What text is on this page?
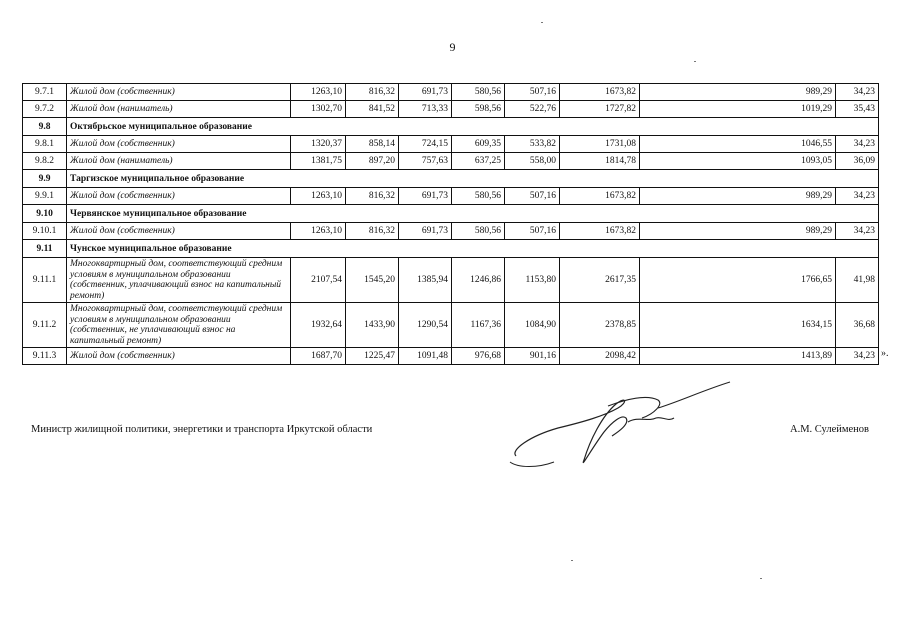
9
9.7.1	Жилой дом (собственник)	1263,10	816,32	691,73	580,56	507,16	1673,82	989,29	34,23
9.7.2	Жилой дом (наниматель)	1302,70	841,52	713,33	598,56	522,76	1727,82	1019,29	35,43
9.8	Октябрьское муниципальное образование								
9.8.1	Жилой дом (собственник)	1320,37	858,14	724,15	609,35	533,82	1731,08	1046,55	34,23
9.8.2	Жилой дом (наниматель)	1381,75	897,20	757,63	637,25	558,00	1814,78	1093,05	36,09
9.9	Таргизское муниципальное образование								
9.9.1	Жилой дом (собственник)	1263,10	816,32	691,73	580,56	507,16	1673,82	989,29	34,23
9.10	Червянское муниципальное образование								
9.10.1	Жилой дом (собственник)	1263,10	816,32	691,73	580,56	507,16	1673,82	989,29	34,23
9.11	Чунское муниципальное образование								
9.11.1	Многоквартирный дом, соответствующий средним условиям в муниципальном образовании (собственник, уплачивающий взнос на капитальный ремонт)	2107,54	1545,20	1385,94	1246,86	1153,80	2617,35	1766,65	41,98
9.11.2	Многоквартирный дом, соответствующий средним условиям в муниципальном образовании (собственник, не уплачивающий взнос на капитальный ремонт)	1932,64	1433,90	1290,54	1167,36	1084,90	2378,85	1634,15	36,68
9.11.3	Жилой дом (собственник)	1687,70	1225,47	1091,48	976,68	901,16	2098,42	1413,89	34,23 ».
Министр жилищной политики, энергетики и транспорта Иркутской области	А.М. Сулейменов
